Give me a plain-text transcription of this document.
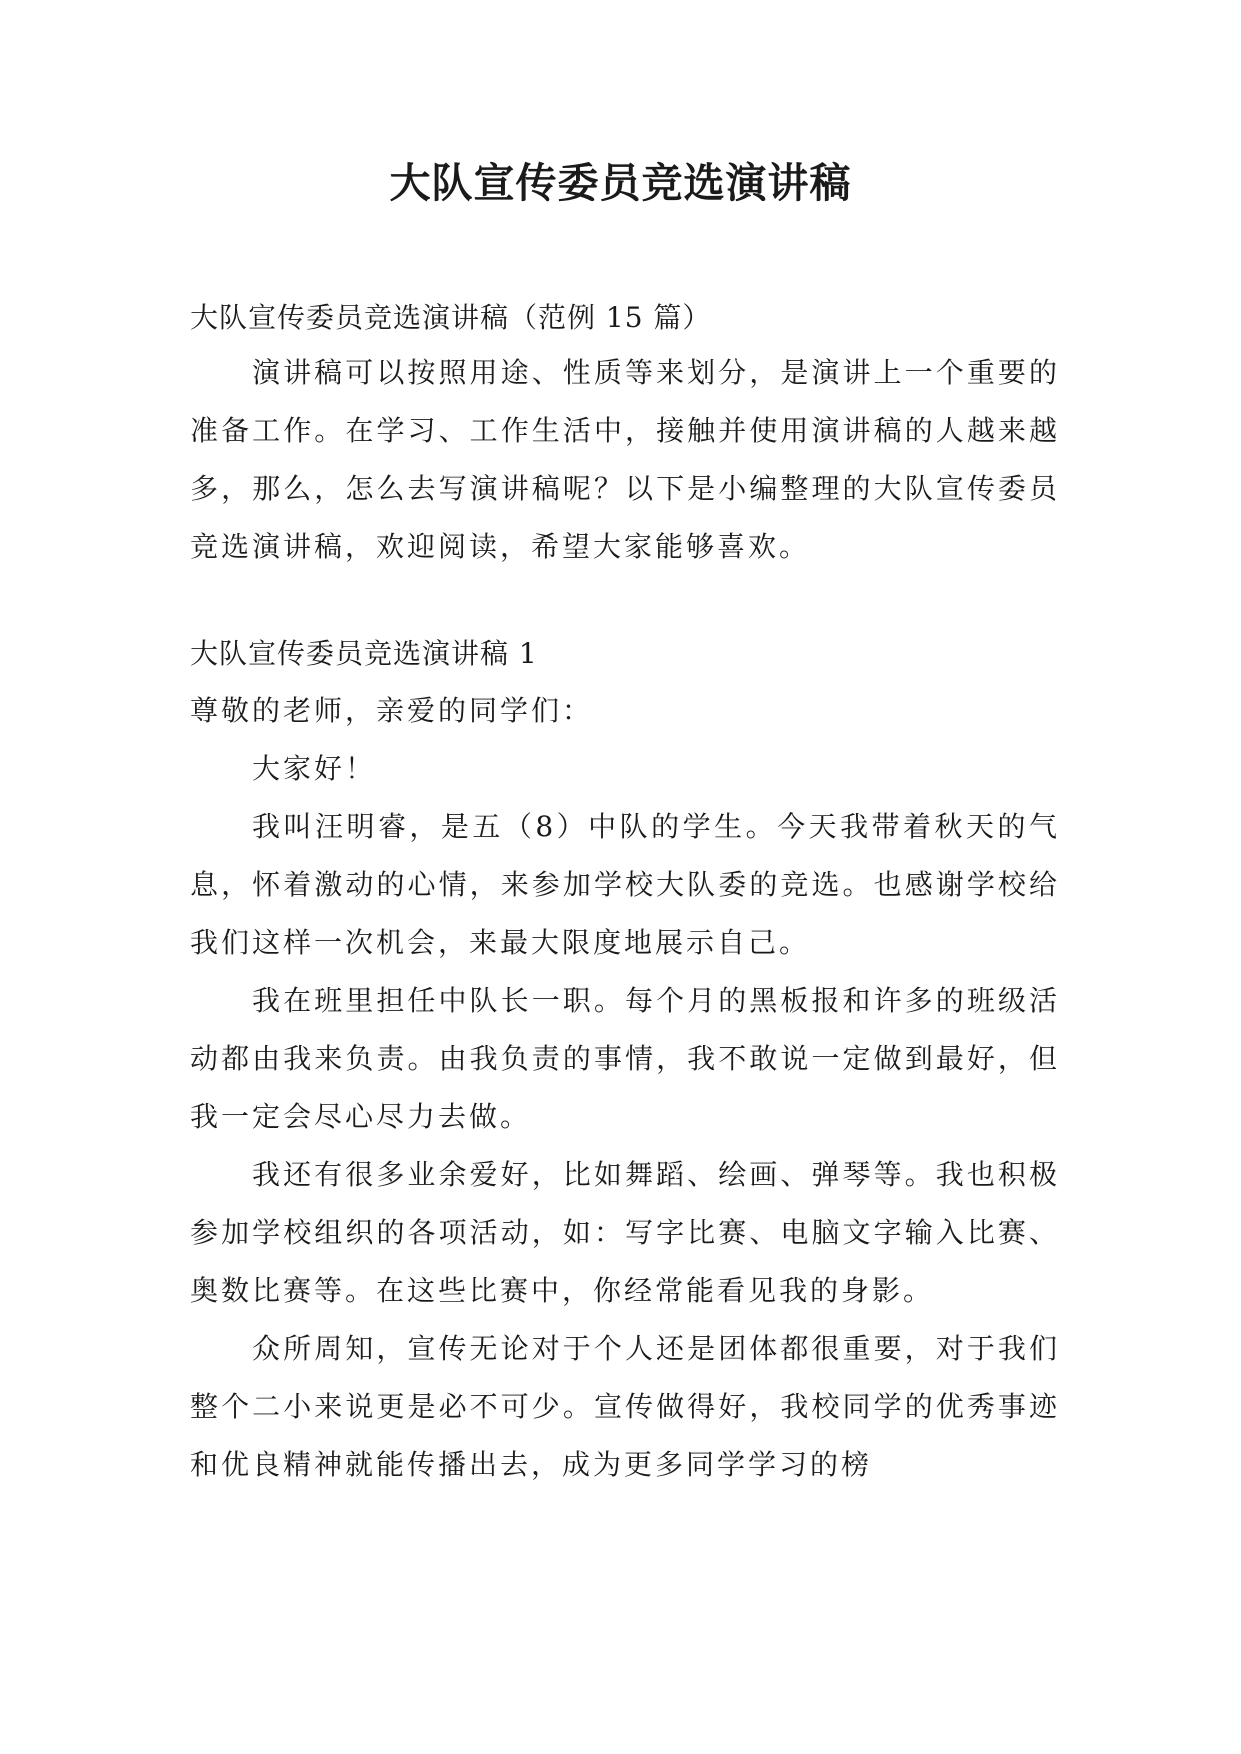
大队宣传委员竞选演讲稿

大队宣传委员竞选演讲稿（范例 15 篇）

演讲稿可以按照用途、性质等来划分，是演讲上一个重要的准备工作。在学习、工作生活中，接触并使用演讲稿的人越来越多，那么，怎么去写演讲稿呢？以下是小编整理的大队宣传委员竞选演讲稿，欢迎阅读，希望大家能够喜欢。

大队宣传委员竞选演讲稿 1

尊敬的老师，亲爱的同学们：

大家好！

我叫汪明睿，是五（8）中队的学生。今天我带着秋天的气息，怀着激动的心情，来参加学校大队委的竞选。也感谢学校给我们这样一次机会，来最大限度地展示自己。

我在班里担任中队长一职。每个月的黑板报和许多的班级活动都由我来负责。由我负责的事情，我不敢说一定做到最好，但我一定会尽心尽力去做。

我还有很多业余爱好，比如舞蹈、绘画、弹琴等。我也积极参加学校组织的各项活动，如：写字比赛、电脑文字输入比赛、奥数比赛等。在这些比赛中，你经常能看见我的身影。

众所周知，宣传无论对于个人还是团体都很重要，对于我们整个二小来说更是必不可少。宣传做得好，我校同学的优秀事迹和优良精神就能传播出去，成为更多同学学习的榜
